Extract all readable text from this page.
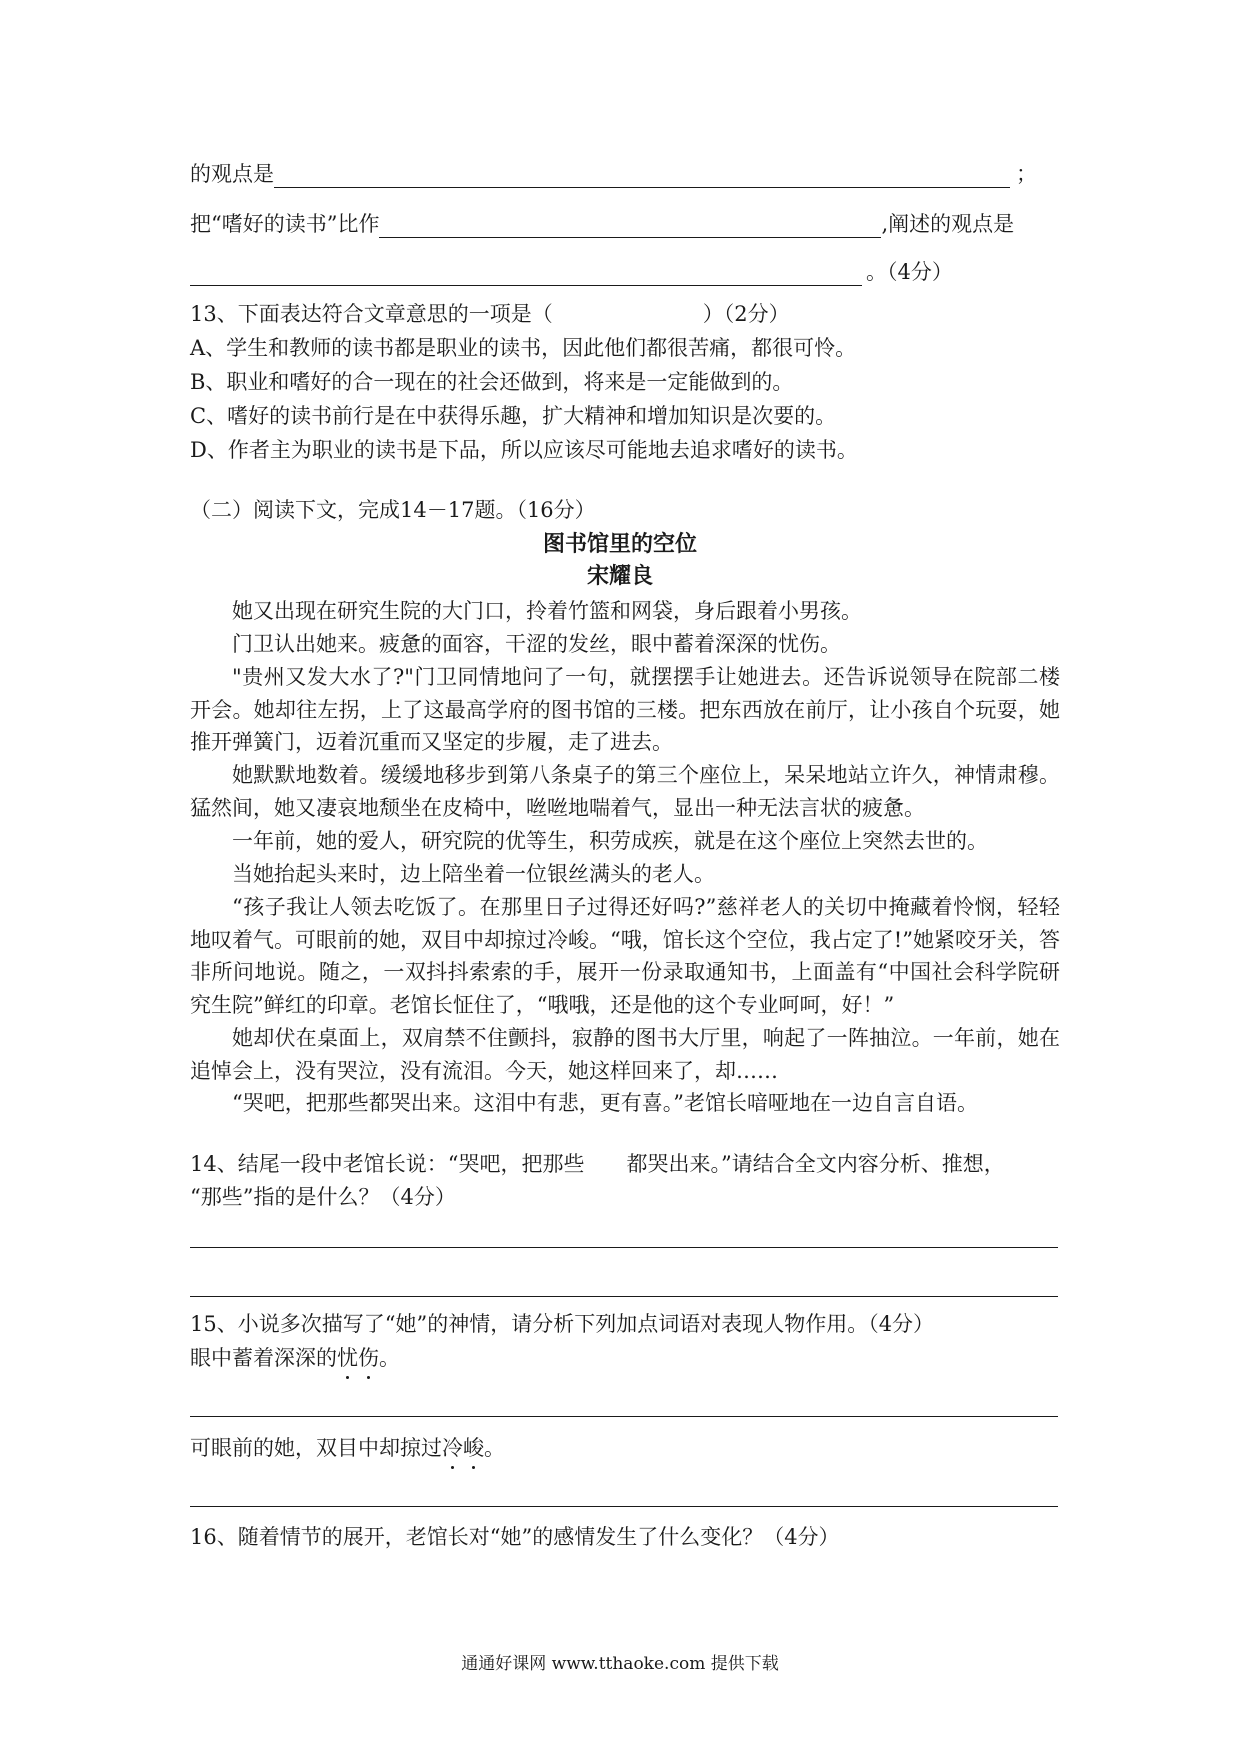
的观点是	；
把“嗜好的读书”比作	,阐述的观点是
。（4分）
13、下面表达符合文章意思的一项是（	）（2分）
A、学生和教师的读书都是职业的读书，因此他们都很苦痛，都很可怜。
B、职业和嗜好的合一现在的社会还做到，将来是一定能做到的。
C、嗜好的读书前行是在中获得乐趣，扩大精神和增加知识是次要的。
D、作者主为职业的读书是下品，所以应该尽可能地去追求嗜好的读书。
（二）阅读下文，完成14－17题。（16分）
图书馆里的空位
宋耀良
她又出现在研究生院的大门口，拎着竹篮和网袋，身后跟着小男孩。
门卫认出她来。疲惫的面容，干涩的发丝，眼中蓄着深深的忧伤。
"贵州又发大水了?"门卫同情地问了一句，就摆摆手让她进去。还告诉说领导在院部二楼开会。她却往左拐，上了这最高学府的图书馆的三楼。把东西放在前厅，让小孩自个玩耍，她推开弹簧门，迈着沉重而又坚定的步履，走了进去。
她默默地数着。缓缓地移步到第八条桌子的第三个座位上，呆呆地站立许久，神情肃穆。猛然间，她又凄哀地颓坐在皮椅中，咝咝地喘着气，显出一种无法言状的疲惫。
一年前，她的爱人，研究院的优等生，积劳成疾，就是在这个座位上突然去世的。
当她抬起头来时，边上陪坐着一位银丝满头的老人。
“孩子我让人领去吃饭了。在那里日子过得还好吗?”慈祥老人的关切中掩藏着怜悯，轻轻地叹着气。可眼前的她，双目中却掠过冷峻。“哦，馆长这个空位，我占定了!”她紧咬牙关，答非所问地说。随之，一双抖抖索索的手，展开一份录取通知书，上面盖有“中国社会科学院研究生院”鲜红的印章。老馆长怔住了，“哦哦，还是他的这个专业呵呵，好！”
她却伏在桌面上，双肩禁不住颤抖，寂静的图书大厅里，响起了一阵抽泣。一年前，她在追悼会上，没有哭泣，没有流泪。今天，她这样回来了，却……
“哭吧，把那些都哭出来。这泪中有悲，更有喜。”老馆长喑哑地在一边自言自语。
14、结尾一段中老馆长说：“哭吧，把那些 都哭出来。”请结合全文内容分析、推想，
“那些”指的是什么？（4分）
15、小说多次描写了“她”的神情，请分析下列加点词语对表现人物作用。（4分）
眼中蓄着深深的忧伤。
可眼前的她，双目中却掠过冷峻。
16、随着情节的展开，老馆长对“她”的感情发生了什么变化？（4分）
通通好课网 www.tthaoke.com 提供下载
